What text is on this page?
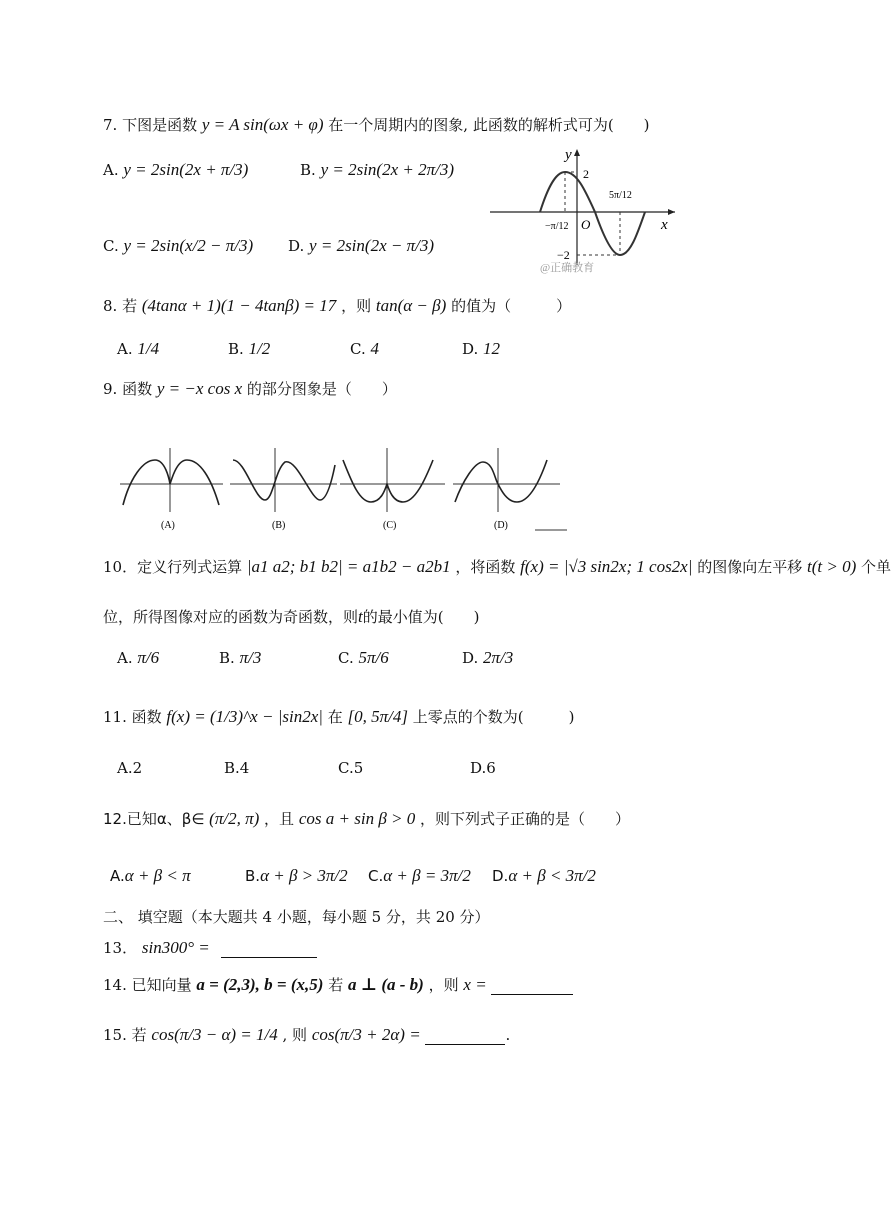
7. 下图是函数 y = A sin(ωx + φ) 在一个周期内的图象, 此函数的解析式可为(　　)
A. y = 2sin(2x + π/3)	B. y = 2sin(2x + 2π/3)
C. y = 2sin(x/2 − π/3) D. y = 2sin(2x − π/3)
y
x
2
O
−π/12
5π/12
−2
@正确教育
8. 若 (4tanα + 1)(1 − 4tanβ) = 17 ，则 tan(α − β) 的值为（　　　）
A. 1/4	B. 1/2	C. 4	D. 12
9. 函数 y = −x cos x 的部分图象是（　　）
(A)	(B)	(C)	(D)
10．定义行列式运算 |a1 a2; b1 b2| = a1b2 − a2b1 ，将函数 f(x) = |√3 sin2x; 1 cos2x| 的图像向左平移 t(t > 0) 个单
位，所得图像对应的函数为奇函数，则t的最小值为(　　)
A. π/6	B. π/3	C. 5π/6	D. 2π/3
11. 函数 f(x) = (1/3)^x − |sin2x| 在 [0, 5π/4] 上零点的个数为(　　　)
A.2	B.4	C.5	D.6
12.已知α、β∈ (π/2, π) ，且 cos a + sin β > 0 ，则下列式子正确的是（　　）
A.α + β < π	B.α + β > 3π/2 C.α + β = 3π/2 D.α + β < 3π/2
二、 填空题（本大题共 4 小题，每小题 5 分，共 20 分）
13． sin300° =
14. 已知向量 a = (2,3), b = (x,5) 若 a ⊥ (a - b) ，则 x =
15. 若 cos(π/3 − α) = 1/4 , 则 cos(π/3 + 2α) =	.
